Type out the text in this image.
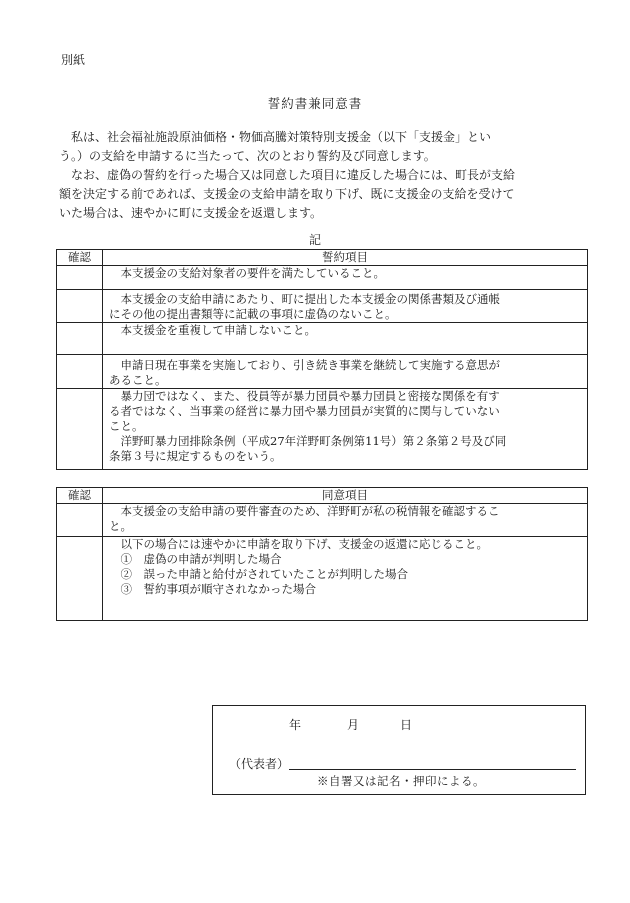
別紙
誓約書兼同意書
　私は、社会福祉施設原油価格・物価高騰対策特別支援金（以下「支援金」とい
う。）の支給を申請するに当たって、次のとおり誓約及び同意します。
　なお、虚偽の誓約を行った場合又は同意した項目に違反した場合には、町長が支給
額を決定する前であれば、支援金の支給申請を取り下げ、既に支援金の支給を受けて
いた場合は、速やかに町に支援金を返還します。
記
確認	誓約項目

	　本支援金の支給対象者の要件を満たしていること。

	　本支援金の支給申請にあたり、町に提出した本支援金の関係書類及び通帳
にその他の提出書類等に記載の事項に虚偽のないこと。

	　本支援金を重複して申請しないこと。

	　申請日現在事業を実施しており、引き続き事業を継続して実施する意思が
あること。

	　暴力団ではなく、また、役員等が暴力団員や暴力団員と密接な関係を有す
る者ではなく、当事業の経営に暴力団や暴力団員が実質的に関与していない
こと。
　洋野町暴力団排除条例（平成27年洋野町条例第11号）第２条第２号及び同
条第３号に規定するものをいう。
確認	同意項目

	　本支援金の支給申請の要件審査のため、洋野町が私の税情報を確認するこ
と。

	　以下の場合には速やかに申請を取り下げ、支援金の返還に応じること。
　①　虚偽の申請が判明した場合
　②　誤った申請と給付がされていたことが判明した場合
　③　誓約事項が順守されなかった場合
年	月	日
（代表者）
※自署又は記名・押印による。
